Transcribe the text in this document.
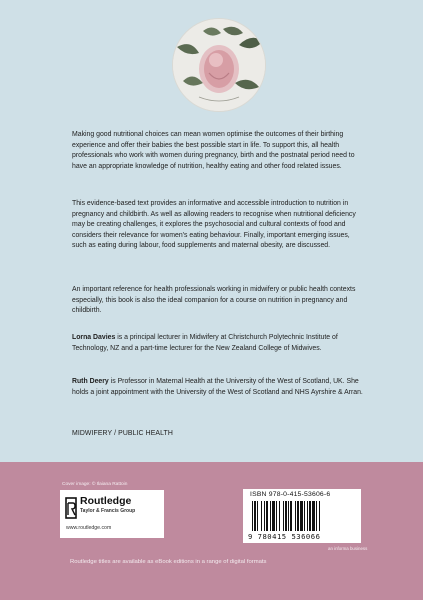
Making good nutritional choices can mean women optimise the outcomes of their birthing experience and offer their babies the best possible start in life. To support this, all health professionals who work with women during pregnancy, birth and the postnatal period need to have an appropriate knowledge of nutrition, healthy eating and other food related issues.

This evidence-based text provides an informative and accessible introduction to nutrition in pregnancy and childbirth. As well as allowing readers to recognise when nutritional deficiency may be creating challenges, it explores the psychosocial and cultural contexts of food and considers their relevance for women's eating behaviour. Finally, important emerging issues, such as eating during labour, food supplements and maternal obesity, are discussed.

An important reference for health professionals working in midwifery or public health contexts especially, this book is also the ideal companion for a course on nutrition in pregnancy and childbirth.

Lorna Davies is a principal lecturer in Midwifery at Christchurch Polytechnic Institute of Technology, NZ and a part-time lecturer for the New Zealand College of Midwives.

Ruth Deery is Professor in Maternal Health at the University of the West of Scotland, UK. She holds a joint appointment with the University of the West of Scotland and NHS Ayrshire & Arran.

MIDWIFERY / PUBLIC HEALTH

Cover image: © Ilaiana Rattoin

Routledge
Taylor & Francis Group
www.routledge.com
ISBN 978-0-415-53606-6
9 780415 536066

an informa business

Routledge titles are available as eBook editions in a range of digital formats
